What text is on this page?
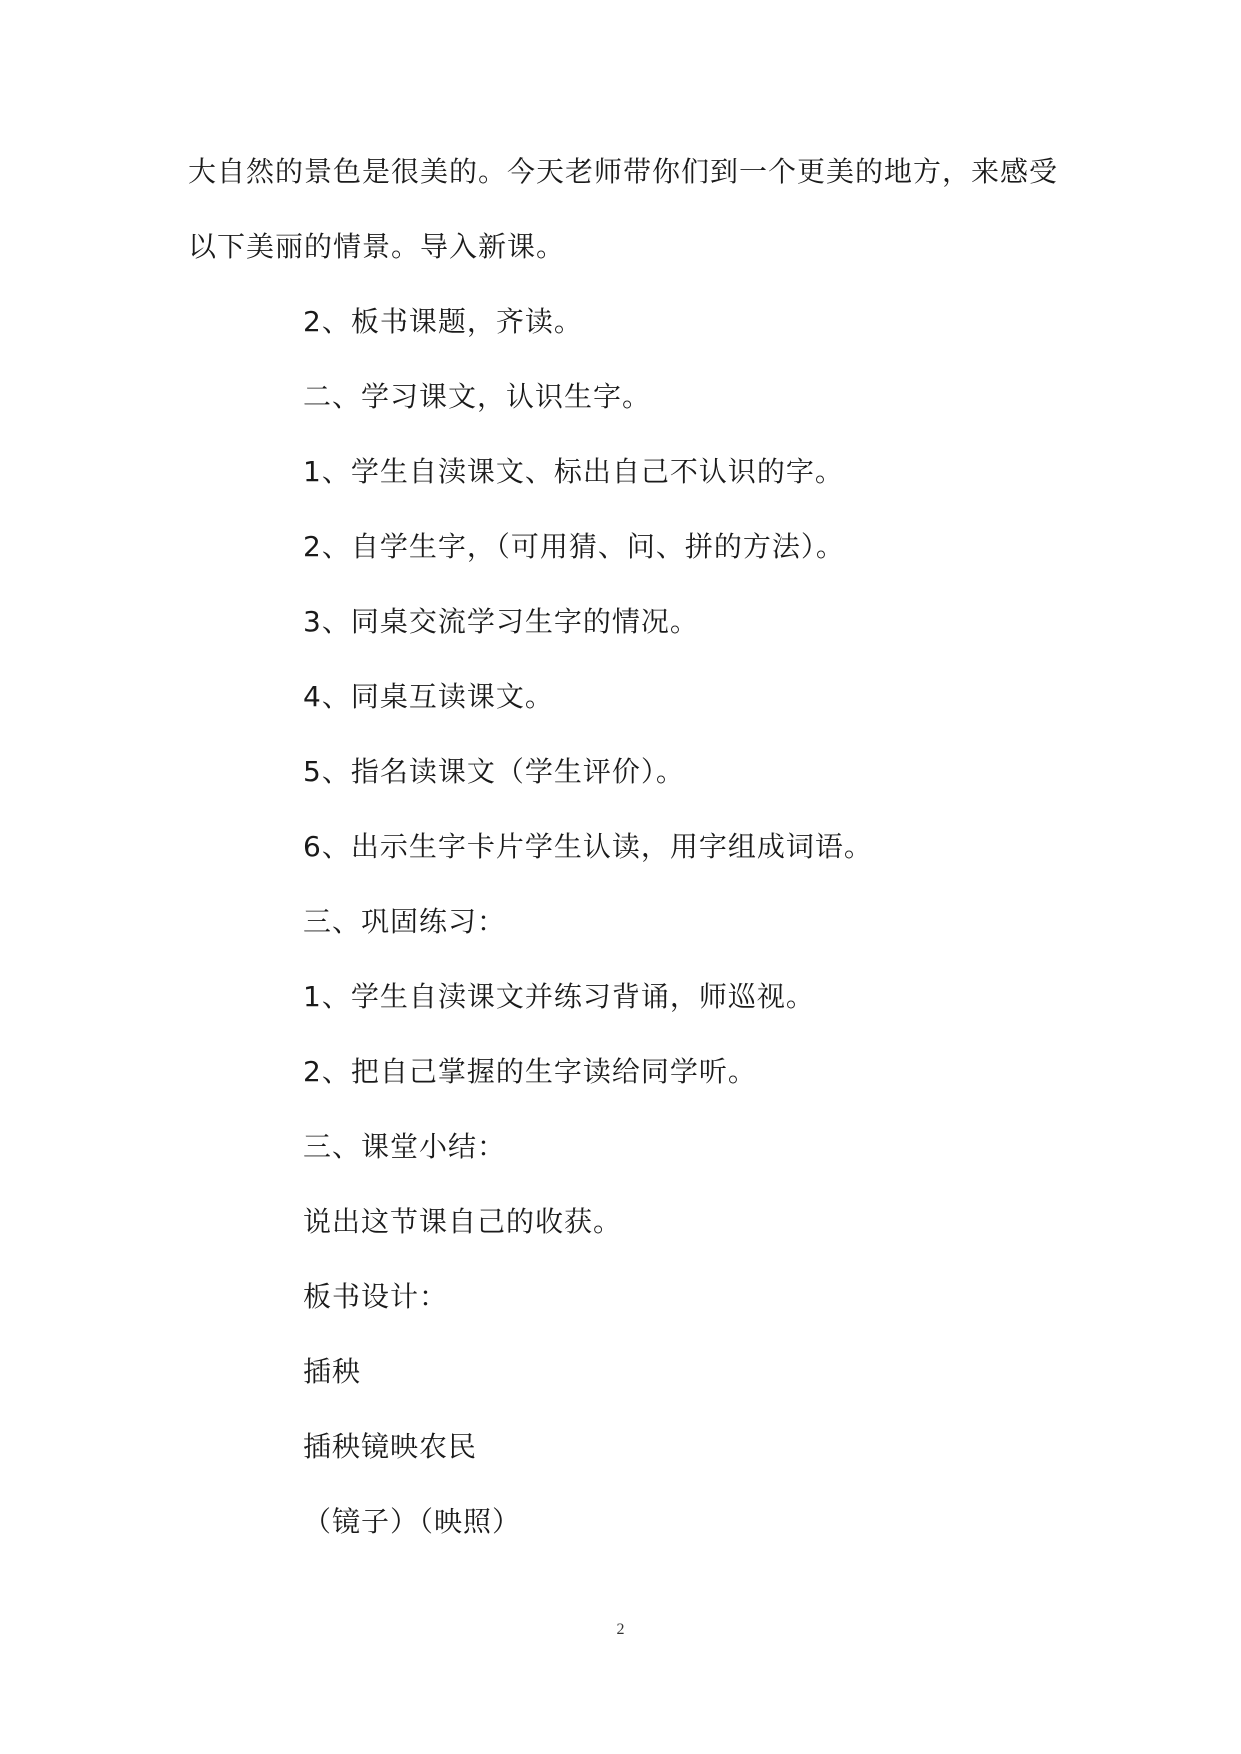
大自然的景色是很美的。今天老师带你们到一个更美的地方，来感受
以下美丽的情景。导入新课。
2、板书课题，齐读。
二、学习课文，认识生字。
1、学生自渎课文、标出自己不认识的字。
2、自学生字，（可用猜、问、拼的方法）。
3、同桌交流学习生字的情况。
4、同桌互读课文。
5、指名读课文（学生评价）。
6、出示生字卡片学生认读，用字组成词语。
三、巩固练习：
1、学生自渎课文并练习背诵，师巡视。
2、把自己掌握的生字读给同学听。
三、课堂小结：
说出这节课自己的收获。
板书设计：
插秧
插秧镜映农民
（镜子）（映照）
2
